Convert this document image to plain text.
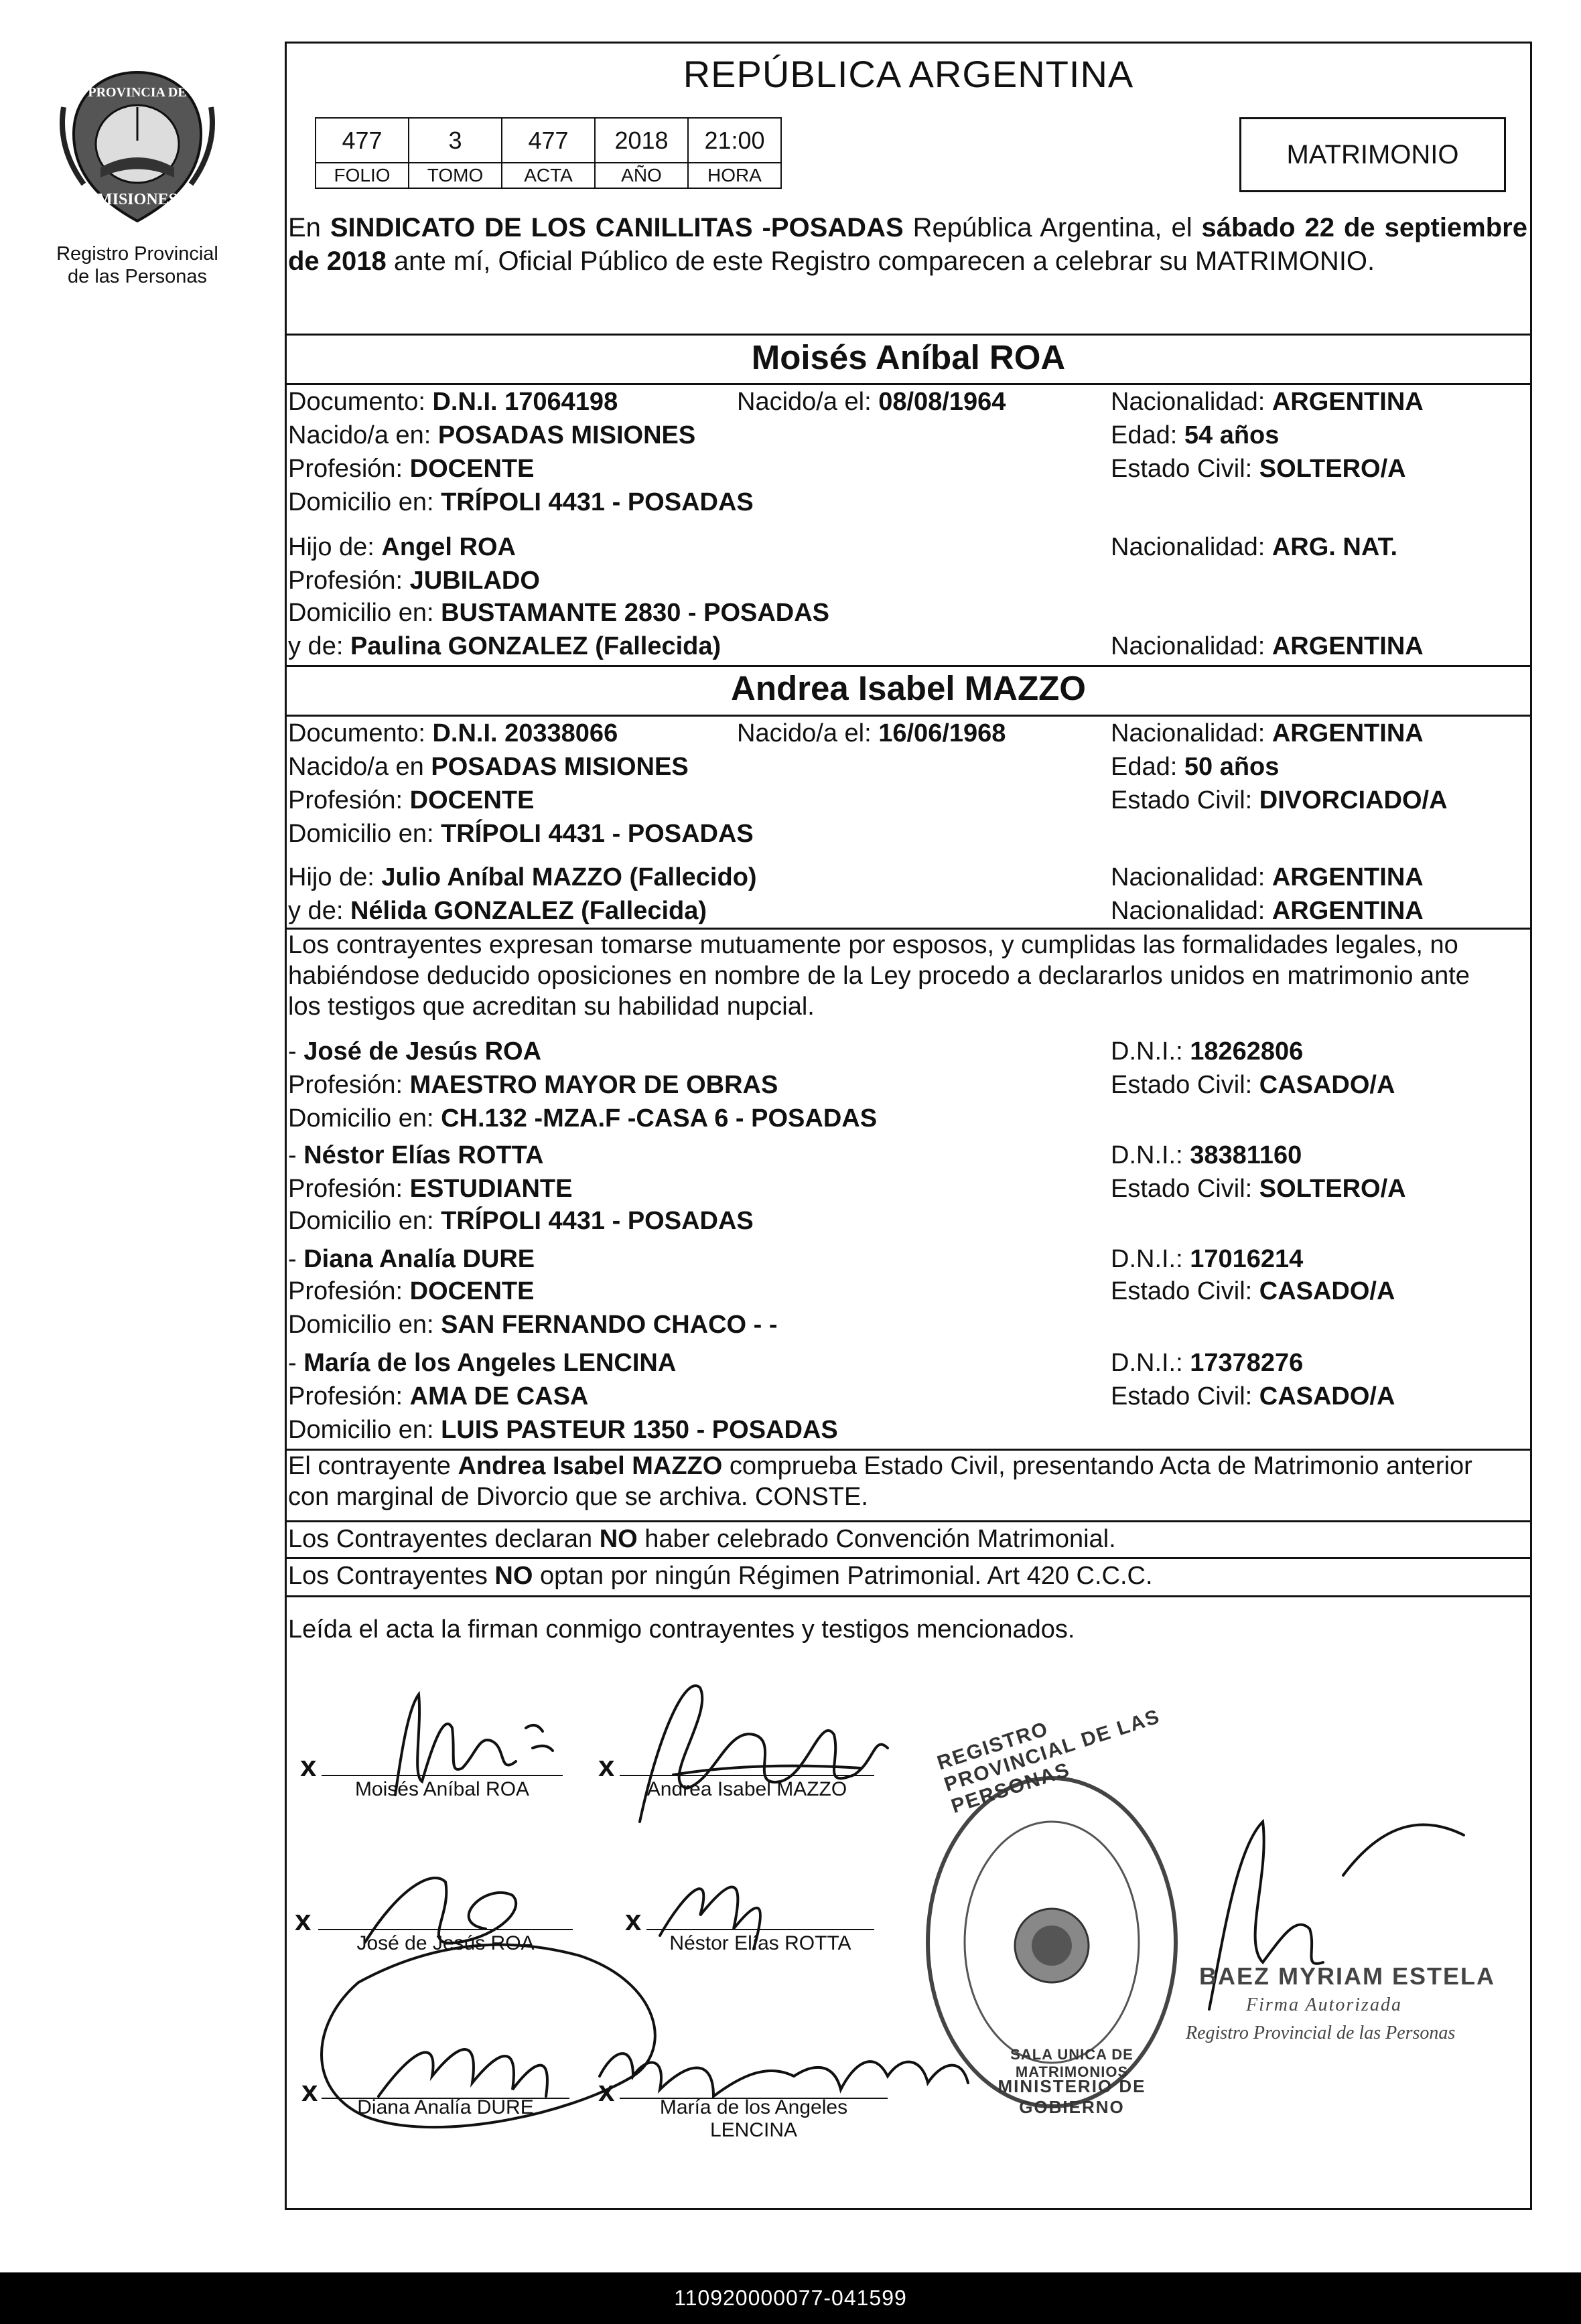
PROVINCIA DE
MISIONES
Registro Provincial
de las Personas
REPÚBLICA ARGENTINA
477	3	477	2018	21:00
FOLIO	TOMO	ACTA	AÑO	HORA
MATRIMONIO
En SINDICATO DE LOS CANILLITAS -POSADAS República Argentina, el sábado 22 de septiembre de 2018 ante mí, Oficial Público de este Registro comparecen a celebrar su MATRIMONIO.
Moisés Aníbal ROA
Documento: D.N.I. 17064198	Nacido/a el: 08/08/1964	Nacionalidad: ARGENTINA
Nacido/a en: POSADAS MISIONES	Edad: 54 años
Profesión: DOCENTE	Estado Civil: SOLTERO/A
Domicilio en: TRÍPOLI 4431 - POSADAS
Hijo de: Angel ROA	Nacionalidad: ARG. NAT.
Profesión: JUBILADO
Domicilio en: BUSTAMANTE 2830 - POSADAS
y de: Paulina GONZALEZ (Fallecida)	Nacionalidad: ARGENTINA
Andrea Isabel MAZZO
Documento: D.N.I. 20338066	Nacido/a el: 16/06/1968	Nacionalidad: ARGENTINA
Nacido/a en POSADAS MISIONES	Edad: 50 años
Profesión: DOCENTE	Estado Civil: DIVORCIADO/A
Domicilio en: TRÍPOLI 4431 - POSADAS
Hijo de: Julio Aníbal MAZZO (Fallecido)	Nacionalidad: ARGENTINA
y de: Nélida GONZALEZ (Fallecida)	Nacionalidad: ARGENTINA
Los contrayentes expresan tomarse mutuamente por esposos, y cumplidas las formalidades legales, no
habiéndose deducido oposiciones en nombre de la Ley procedo a declararlos unidos en matrimonio ante
los testigos que acreditan su habilidad nupcial.
- José de Jesús ROA	D.N.I.: 18262806
Profesión: MAESTRO MAYOR DE OBRAS	Estado Civil: CASADO/A
Domicilio en: CH.132 -MZA.F -CASA 6 - POSADAS
- Néstor Elías ROTTA	D.N.I.: 38381160
Profesión: ESTUDIANTE	Estado Civil: SOLTERO/A
Domicilio en: TRÍPOLI 4431 - POSADAS
- Diana Analía DURE	D.N.I.: 17016214
Profesión: DOCENTE	Estado Civil: CASADO/A
Domicilio en: SAN FERNANDO CHACO - -
- María de los Angeles LENCINA	D.N.I.: 17378276
Profesión: AMA DE CASA	Estado Civil: CASADO/A
Domicilio en: LUIS PASTEUR 1350 - POSADAS
El contrayente Andrea Isabel MAZZO comprueba Estado Civil, presentando Acta de Matrimonio anterior
con marginal de Divorcio que se archiva. CONSTE.
Los Contrayentes declaran NO haber celebrado Convención Matrimonial.
Los Contrayentes NO optan por ningún Régimen Patrimonial. Art 420 C.C.C.
Leída el acta la firman conmigo contrayentes y testigos mencionados.
x
Moisés Aníbal ROA
x
Andrea Isabel MAZZO
x
José de Jesús ROA
x
Néstor Elías ROTTA
x	Diana Analía DURE	x	María de los Angeles
LENCINA
REGISTRO PROVINCIAL DE LAS PERSONAS
SALA UNICA DE MATRIMONIOS
MINISTERIO DE GOBIERNO
BAEZ MYRIAM ESTELA
Firma Autorizada
Registro Provincial de las Personas
110920000077-041599
